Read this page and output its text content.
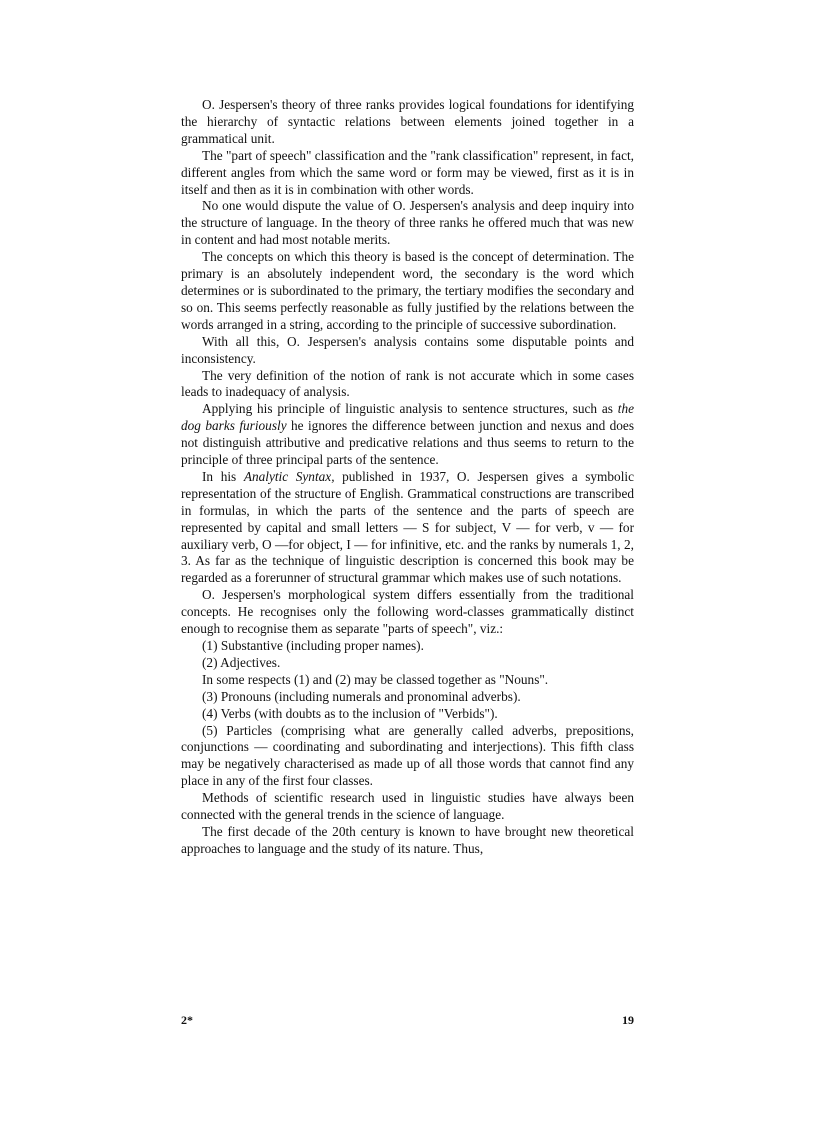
O. Jespersen's theory of three ranks provides logical foundations for identifying the hierarchy of syntactic relations between elements joined together in a grammatical unit.

The "part of speech" classification and the "rank classification" represent, in fact, different angles from which the same word or form may be viewed, first as it is in itself and then as it is in combination with other words.

No one would dispute the value of O. Jespersen's analysis and deep inquiry into the structure of language. In the theory of three ranks he offered much that was new in content and had most notable merits.

The concepts on which this theory is based is the concept of determination. The primary is an absolutely independent word, the secondary is the word which determines or is subordinated to the primary, the tertiary modifies the secondary and so on. This seems perfectly reasonable as fully justified by the relations between the words arranged in a string, according to the principle of successive subordination.

With all this, O. Jespersen's analysis contains some disputable points and inconsistency.

The very definition of the notion of rank is not accurate which in some cases leads to inadequacy of analysis.

Applying his principle of linguistic analysis to sentence structures, such as the dog barks furiously he ignores the difference between junction and nexus and does not distinguish attributive and predicative relations and thus seems to return to the principle of three principal parts of the sentence.

In his Analytic Syntax, published in 1937, O. Jespersen gives a symbolic representation of the structure of English. Grammatical constructions are transcribed in formulas, in which the parts of the sentence and the parts of speech are represented by capital and small letters — S for subject, V — for verb, v — for auxiliary verb, O —for object, I — for infinitive, etc. and the ranks by numerals 1, 2, 3. As far as the technique of linguistic description is concerned this book may be regarded as a forerunner of structural grammar which makes use of such notations.

O. Jespersen's morphological system differs essentially from the traditional concepts. He recognises only the following word-classes grammatically distinct enough to recognise them as separate "parts of speech", viz.:

(1) Substantive (including proper names).

(2) Adjectives.

In some respects (1) and (2) may be classed together as "Nouns".

(3) Pronouns (including numerals and pronominal adverbs).

(4) Verbs (with doubts as to the inclusion of "Verbids").

(5) Particles (comprising what are generally called adverbs, prepositions, conjunctions — coordinating and subordinating and interjections). This fifth class may be negatively characterised as made up of all those words that cannot find any place in any of the first four classes.

Methods of scientific research used in linguistic studies have always been connected with the general trends in the science of language.

The first decade of the 20th century is known to have brought new theoretical approaches to language and the study of its nature. Thus,

2*	19
